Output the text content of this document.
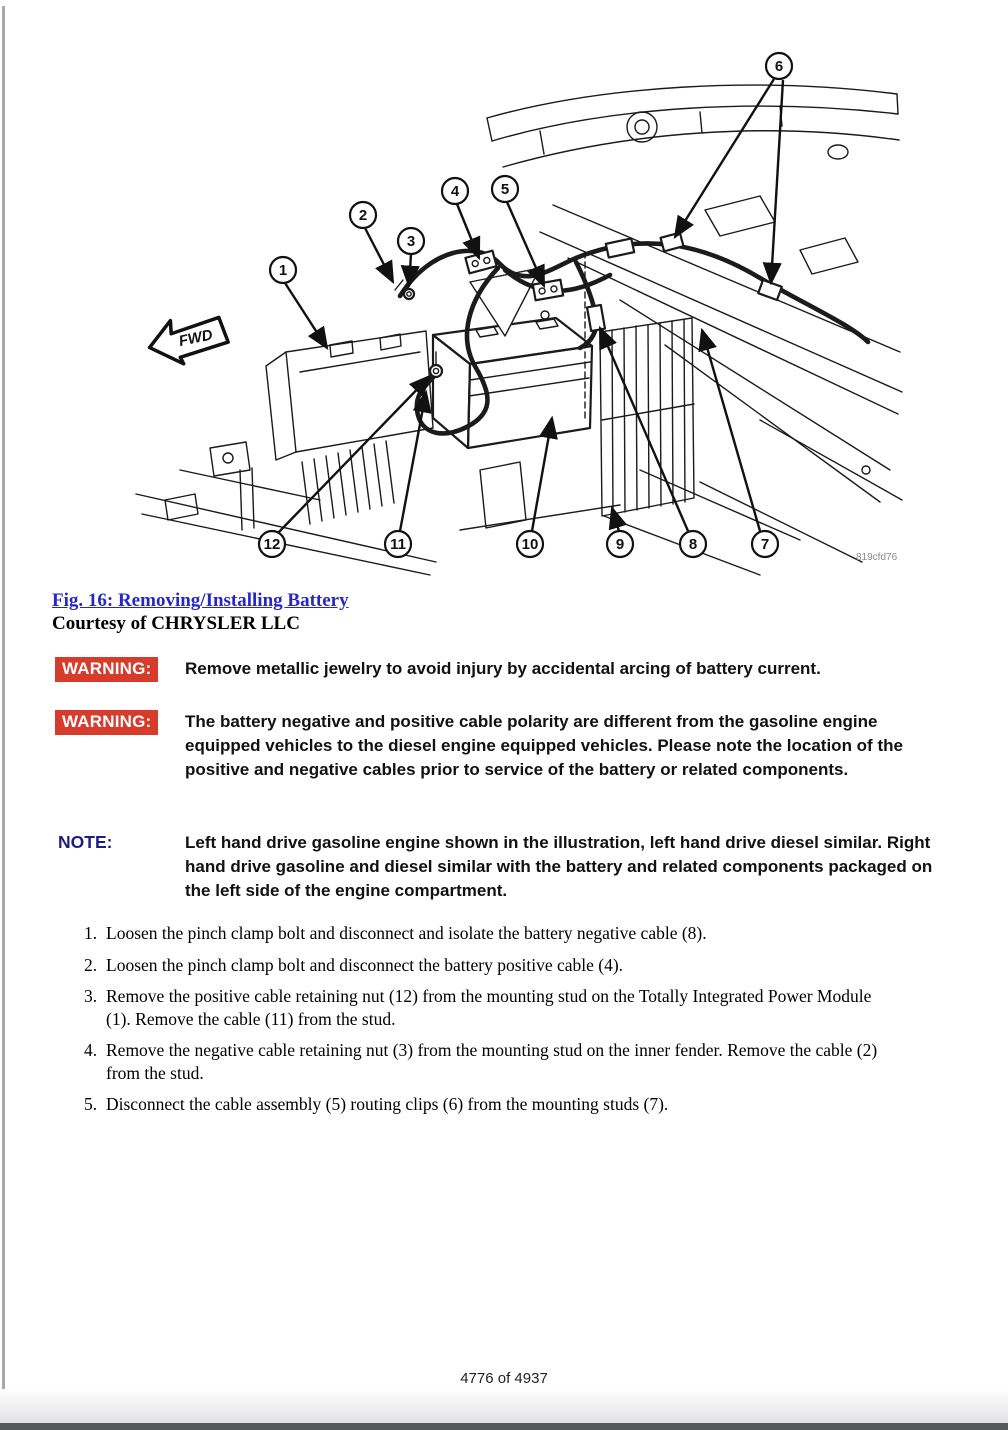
FWD
1
2
3
4	5
6
7
8
9
10
11
12
819cfd76
Fig. 16: Removing/Installing Battery
Courtesy of CHRYSLER LLC
WARNING:	Remove metallic jewelry to avoid injury by accidental arcing of battery current.
WARNING:	The battery negative and positive cable polarity are different from the gasoline engine equipped vehicles to the diesel engine equipped vehicles. Please note the location of the positive and negative cables prior to service of the battery or related components.
NOTE:	Left hand drive gasoline engine shown in the illustration, left hand drive diesel similar. Right hand drive gasoline and diesel similar with the battery and related components packaged on the left side of the engine compartment.
1. Loosen the pinch clamp bolt and disconnect and isolate the battery negative cable (8).
2. Loosen the pinch clamp bolt and disconnect the battery positive cable (4).
3. Remove the positive cable retaining nut (12) from the mounting stud on the Totally Integrated Power Module (1). Remove the cable (11) from the stud.
4. Remove the negative cable retaining nut (3) from the mounting stud on the inner fender. Remove the cable (2) from the stud.
5. Disconnect the cable assembly (5) routing clips (6) from the mounting studs (7).
4776 of 4937
